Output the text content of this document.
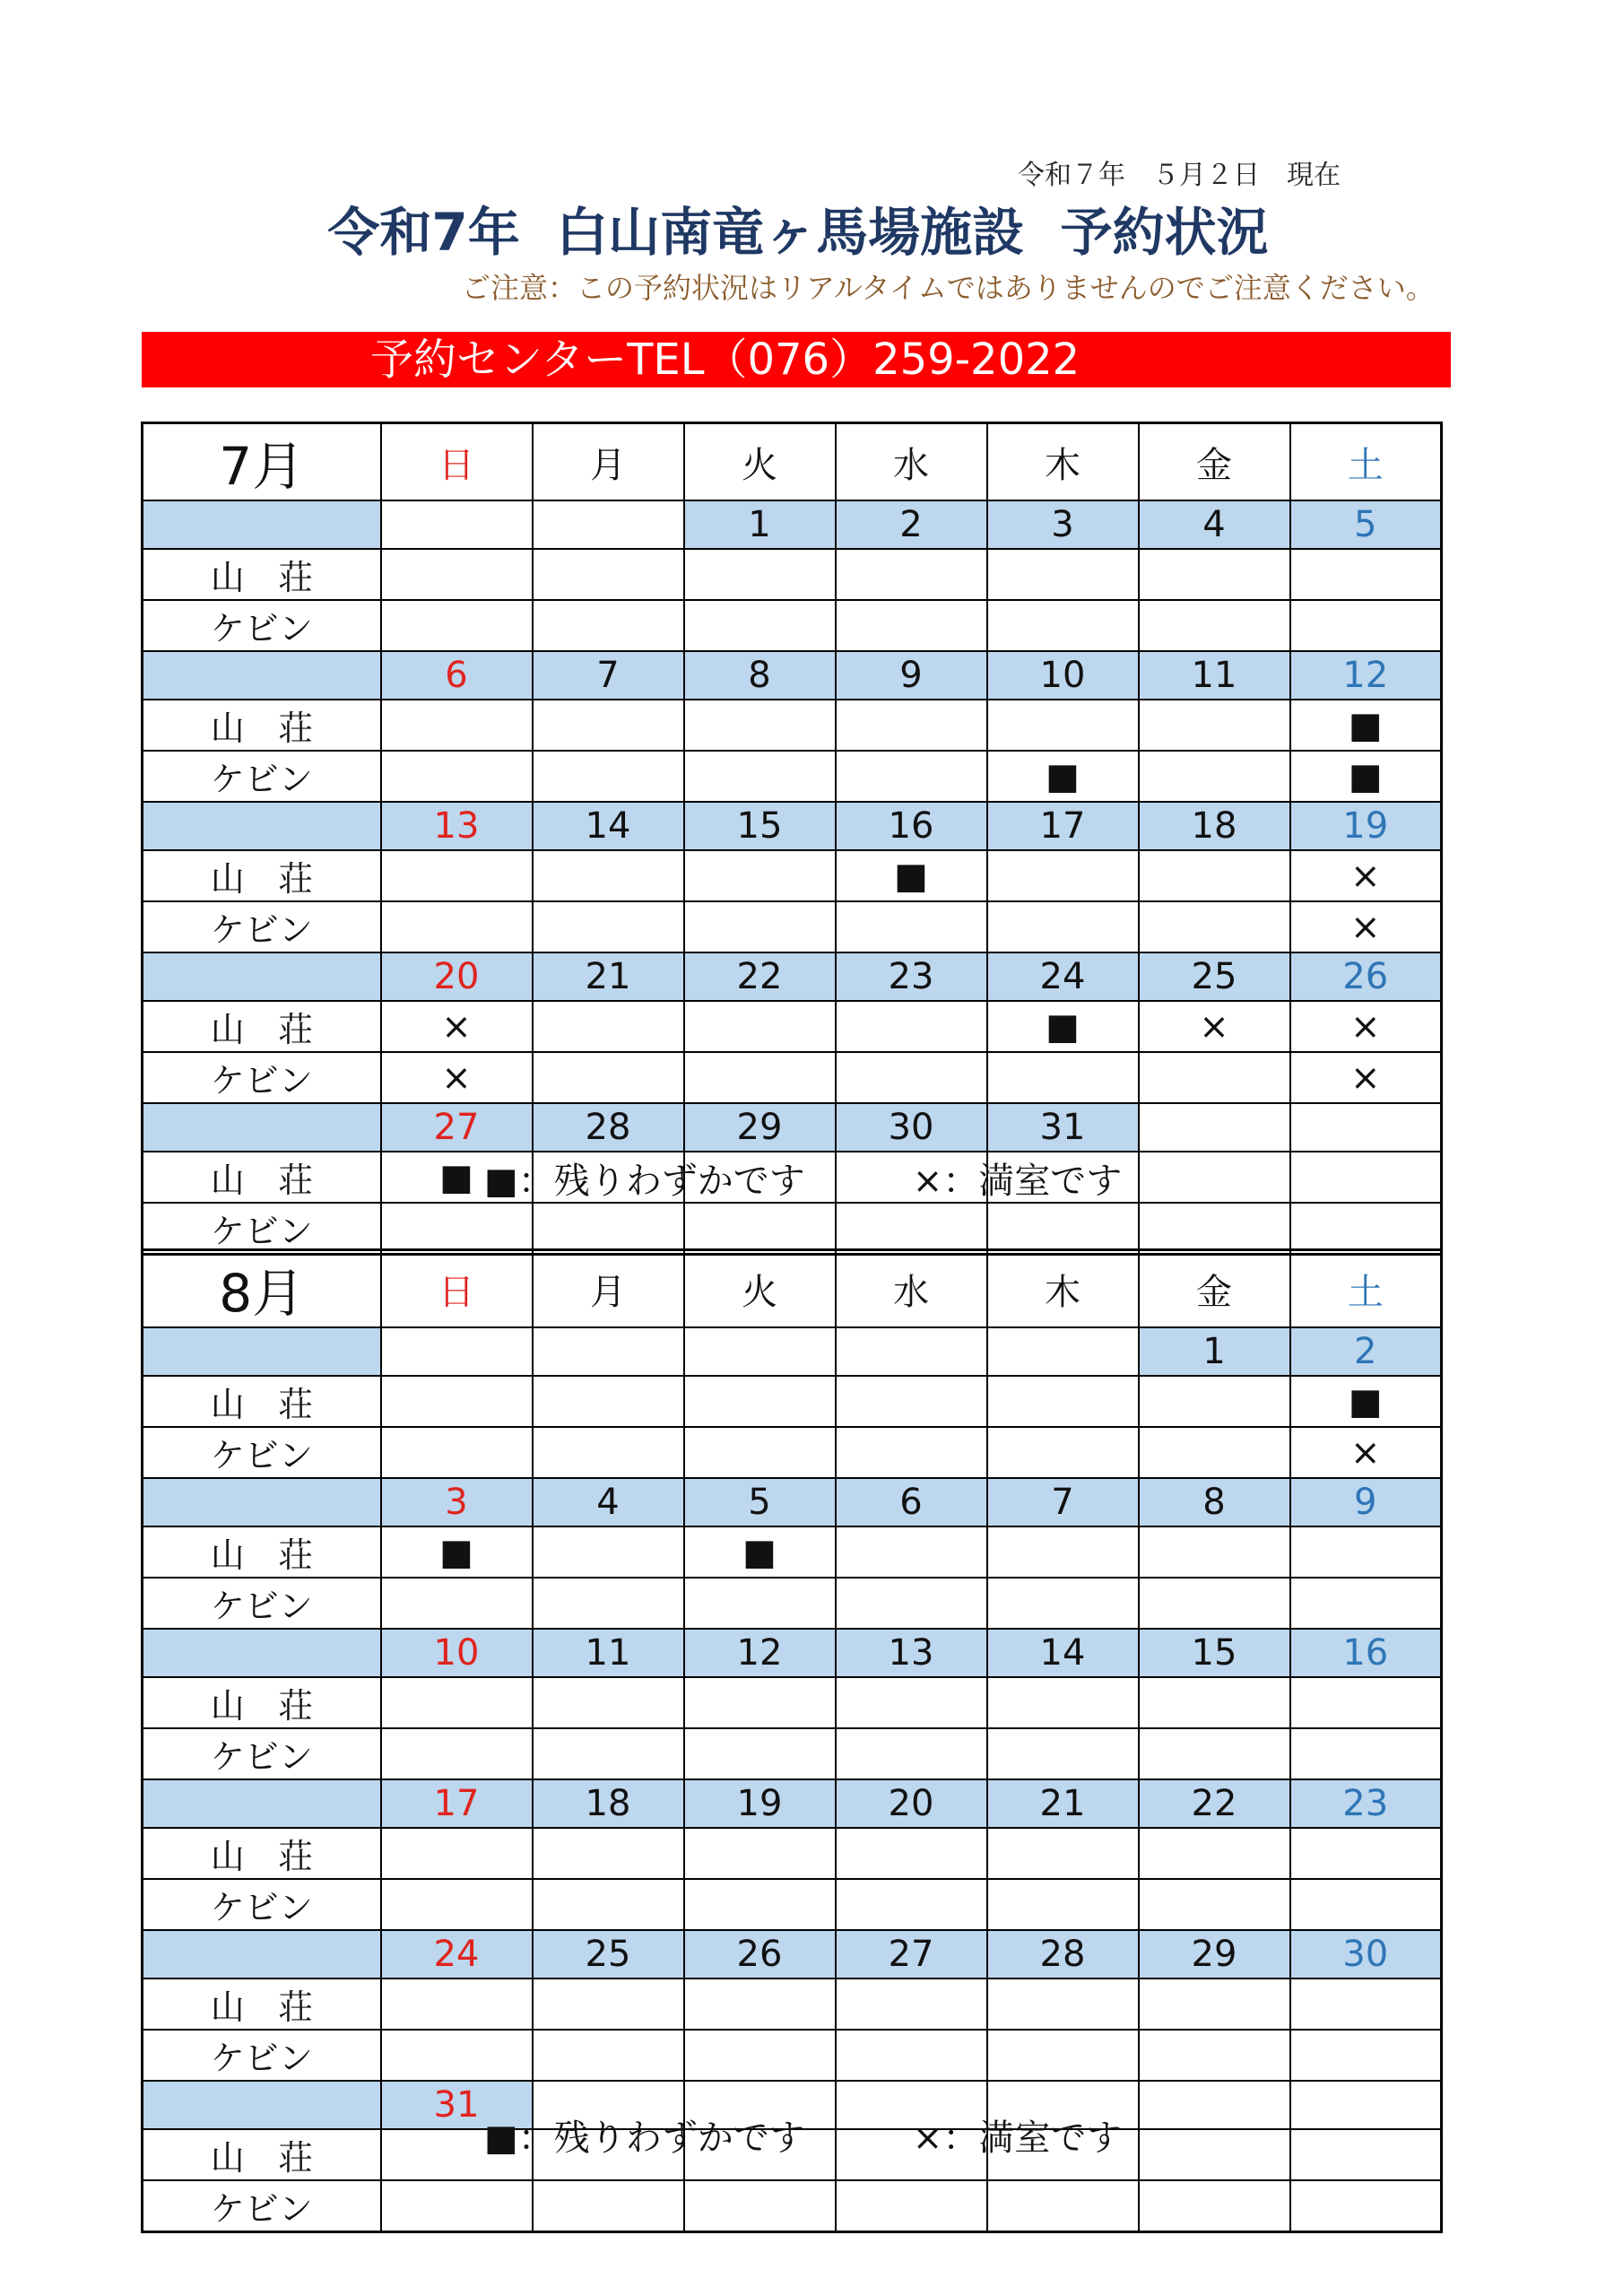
令和７年　５月２日　現在
令和7年  白山南竜ヶ馬場施設  予約状況
ご注意：この予約状況はリアルタイムではありませんのでご注意ください。
予約センターTEL（076）259-2022
7月	日	月	火	水	木	金	土
			1	2	3	4	5
山　荘							
ケビン							
	6	7	8	9	10	11	12
山　荘							■
ケビン					■		■
	13	14	15	16	17	18	19
山　荘				■			×
ケビン							×
	20	21	22	23	24	25	26
山　荘	×				■	×	×
ケビン	×						×
	27	28	29	30	31		
山　荘	■						
ケビン							
■：残りわずかです　　　	×：満室です
8月	日	月	火	水	木	金	土
						1	2
山　荘							■
ケビン							×
	3	4	5	6	7	8	9
山　荘	■		■				
ケビン							
	10	11	12	13	14	15	16
山　荘							
ケビン							
	17	18	19	20	21	22	23
山　荘							
ケビン							
	24	25	26	27	28	29	30
山　荘							
ケビン							
	31						
山　荘							
ケビン							
■：残りわずかです　　　	×：満室です
